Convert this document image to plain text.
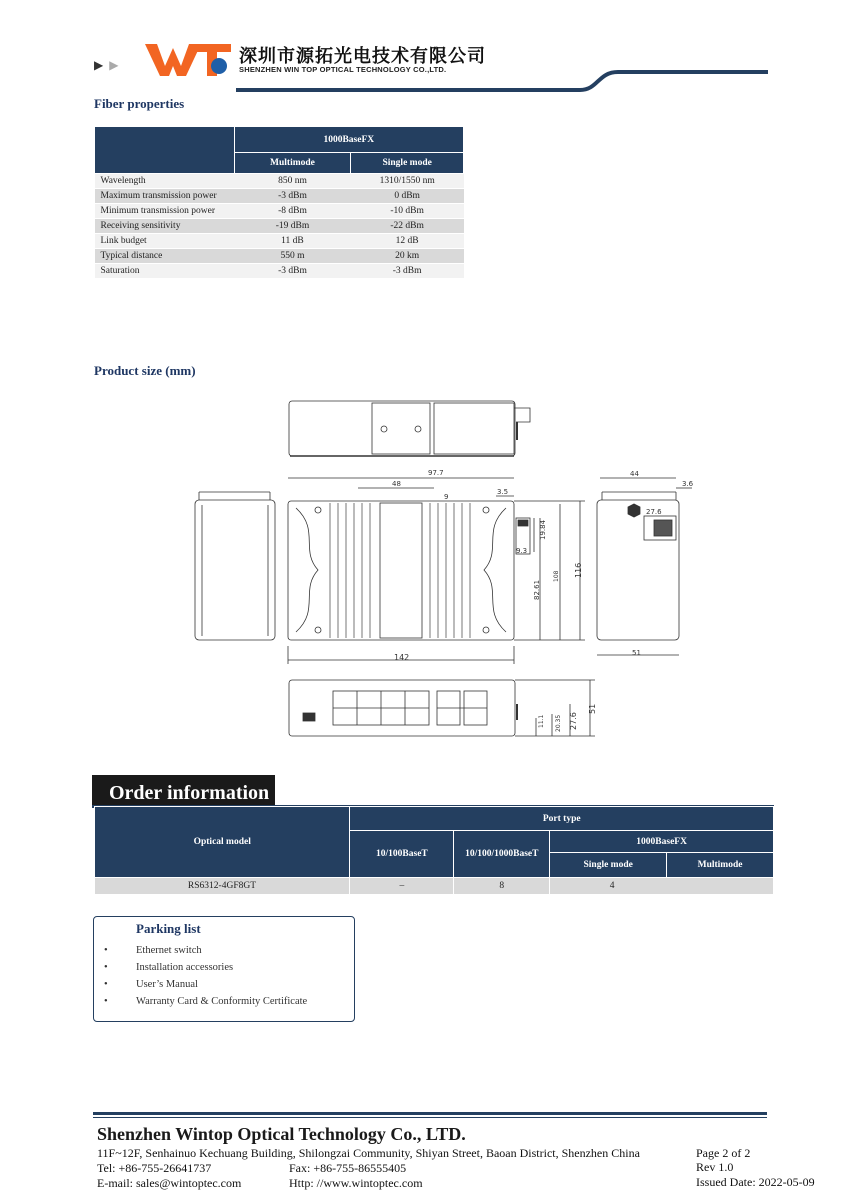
▶▶	深圳市源拓光电技术有限公司
SHENZHEN WIN TOP OPTICAL TECHNOLOGY CO.,LTD.
Fiber properties
	1000BaseFX	
	Multimode	Single mode
Wavelength	850 nm	1310/1550 nm
Maximum transmission power	-3 dBm	0 dBm
Minimum transmission power	-8 dBm	-10 dBm
Receiving sensitivity	-19 dBm	-22 dBm
Link budget	11 dB	12 dB
Typical distance	550 m	20 km
Saturation	-3 dBm	-3 dBm
Product size (mm)
97.7
48
3.5
9
9.3
142
44
3.6
27.6
51
19.84
82.61
108 116
11.1 20.35 27.6
51
Order information
Optical model	Port type			
	10/100BaseT	10/100/1000BaseT	1000BaseFX	
			Single mode	Multimode
RS6312-4GF8GT	–	8	4	
Parking list
•	Ethernet switch
•	Installation accessories
•	User’s Manual
•	Warranty Card & Conformity Certificate
Shenzhen Wintop Optical Technology Co., LTD.
11F~12F, Senhainuo Kechuang Building, Shilongzai Community, Shiyan Street, Baoan District, Shenzhen China
Tel: +86-755-26641737	Fax: +86-755-86555405
E-mail: sales@wintoptec.com	Http: //www.wintoptec.com
Page 2 of 2
Rev 1.0
Issued Date: 2022-05-09
